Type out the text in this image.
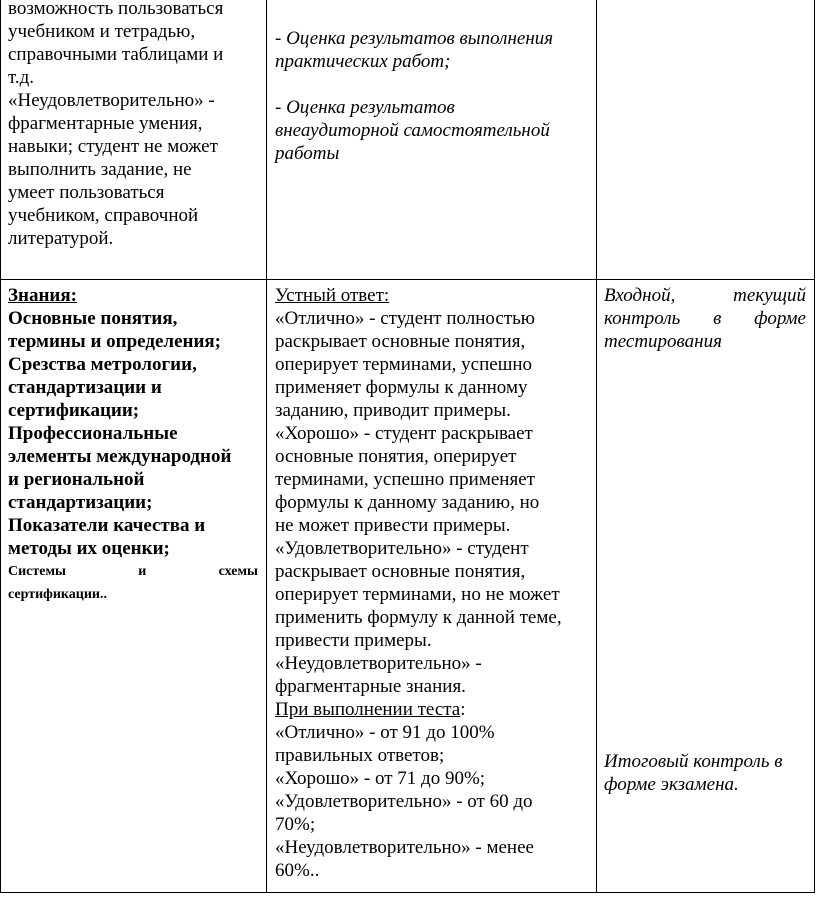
возможность пользоваться

учебником и тетрадью,

справочными таблицами и

т.д.

«Неудовлетворительно» -

фрагментарные умения,

навыки; студент не может

выполнить задание, не

умеет пользоваться

учебником, справочной

литературой.

- Оценка результатов выполнения

практических работ;

- Оценка результатов

внеаудиторной самостоятельной

работы

Знания:

Основные понятия,

термины и определения;

Срезства метрологии,

стандартизации и

сертификации;

Профессиональные

элементы международной

и региональной

стандартизации;

Показатели качества и

методы их оценки;

Системы и схемы

сертификации..

Устный ответ:

«Отлично» - студент полностью

раскрывает основные понятия,

оперирует терминами, успешно

применяет формулы к данному

заданию, приводит примеры.

«Хорошо» - студент раскрывает

основные понятия, оперирует

терминами, успешно применяет

формулы к данному заданию, но

не может привести примеры.

«Удовлетворительно» - студент

раскрывает основные понятия,

оперирует терминами, но не может

применить формулу к данной теме,

привести примеры.

«Неудовлетворительно» -

фрагментарные знания.

При выполнении теста:

«Отлично» - от 91 до 100%

правильных ответов;

«Хорошо» - от 71 до 90%;

«Удовлетворительно» - от 60 до

70%;

«Неудовлетворительно» - менее

60%..

Входной, текущий

контроль в форме

тестирования

Итоговый контроль в

форме экзамена.
